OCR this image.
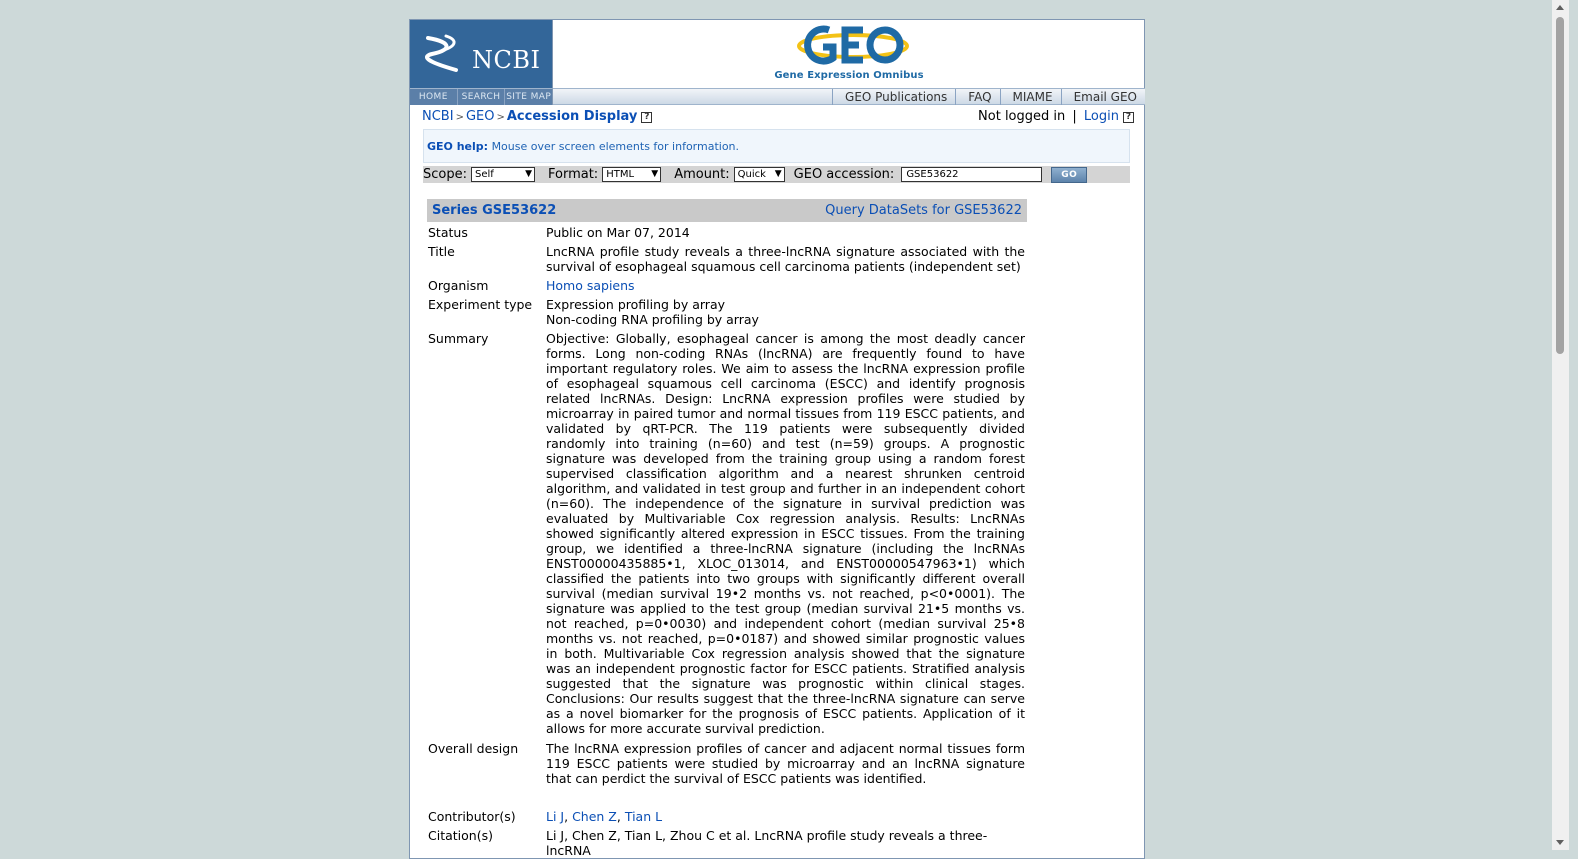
NCBI
HOME	SEARCH SITE MAP
Gene Expression Omnibus
GEO Publications	FAQ	MIAME	Email GEO
NCBI > GEO > Accession Display ?	Not logged in | Login ?
GEO help: Mouse over screen elements for information.
Scope: Self	▼ Format: HTML ▼ Amount: Quick ▼ GEO accession:	GSE53622	GO
Series GSE53622	Query DataSets for GSE53622
Status	Public on Mar 07, 2014
Title	LncRNA profile study reveals a three-lncRNA signature associated with the survival of esophageal squamous cell carcinoma patients (independent set)
Organism	Homo sapiens
Experiment type	Expression profiling by array
Non-coding RNA profiling by array
Summary	Objective: Globally, esophageal cancer is among the most deadly cancer forms. Long non-coding RNAs (lncRNA) are frequently found to have important regulatory roles. We aim to assess the lncRNA expression profile of esophageal squamous cell carcinoma (ESCC) and identify prognosis related lncRNAs. Design: LncRNA expression profiles were studied by microarray in paired tumor and normal tissues from 119 ESCC patients, and validated by qRT-PCR. The 119 patients were subsequently divided randomly into training (n=60) and test (n=59) groups. A prognostic signature was developed from the training group using a random forest supervised classification algorithm and a nearest shrunken centroid algorithm, and validated in test group and further in an independent cohort (n=60). The independence of the signature in survival prediction was evaluated by Multivariable Cox regression analysis. Results: LncRNAs showed significantly altered expression in ESCC tissues. From the training group, we identified a three-lncRNA signature (including the lncRNAs ENST00000435885•1, XLOC_013014, and ENST00000547963•1) which classified the patients into two groups with significantly different overall survival (median survival 19•2 months vs. not reached, p<0•0001). The signature was applied to the test group (median survival 21•5 months vs. not reached, p=0•0030) and independent cohort (median survival 25•8 months vs. not reached, p=0•0187) and showed similar prognostic values in both. Multivariable Cox regression analysis showed that the signature was an independent prognostic factor for ESCC patients. Stratified analysis suggested that the signature was prognostic within clinical stages. Conclusions: Our results suggest that the three-lncRNA signature can serve as a novel biomarker for the prognosis of ESCC patients. Application of it allows for more accurate survival prediction.
Overall design	The lncRNA expression profiles of cancer and adjacent normal tissues form 119 ESCC patients were studied by microarray and an lncRNA signature that can perdict the survival of ESCC patients was identified.
Contributor(s)	Li J, Chen Z, Tian L
Citation(s)	Li J, Chen Z, Tian L, Zhou C et al. LncRNA profile study reveals a three-lncRNA
